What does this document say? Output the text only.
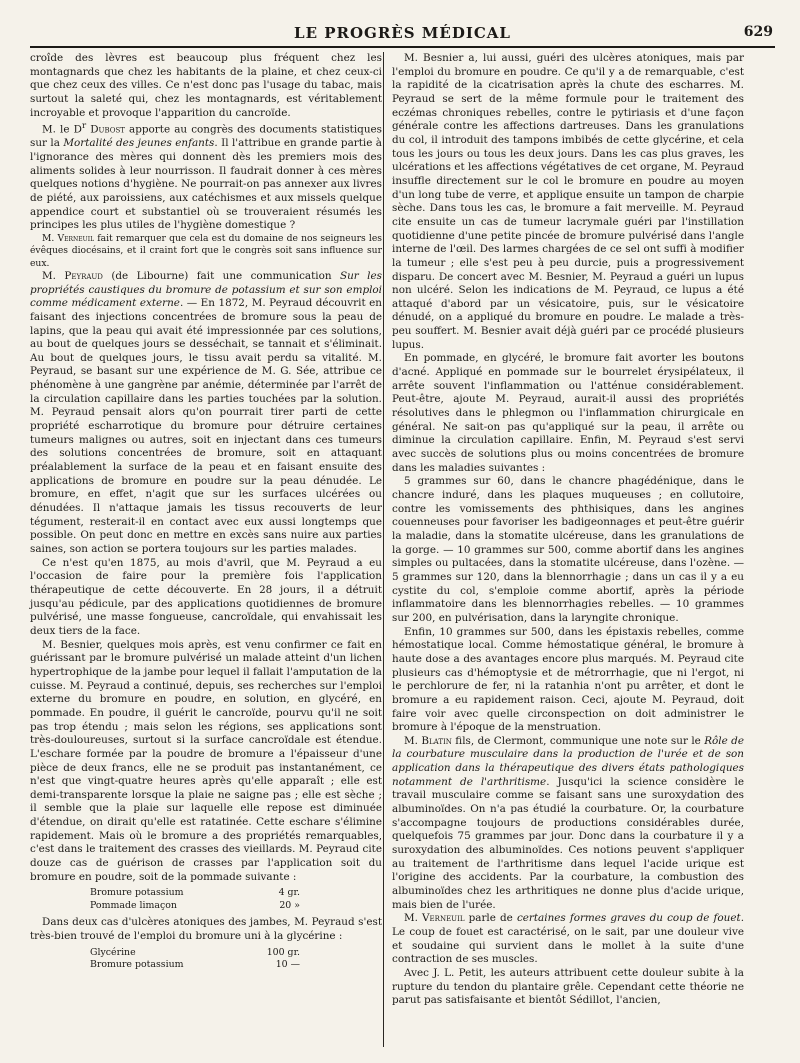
LE PROGRÈS MÉDICAL	629

croîde des lèvres est beaucoup plus fréquent chez les montagnards que chez les habitants de la plaine, et chez ceux-ci que chez ceux des villes. Ce n'est donc pas l'usage du tabac, mais surtout la saleté qui, chez les montagnards, est véritablement incroyable et provoque l'apparition du cancroïde.

M. le $D^r$ Dubost apporte au congrès des documents statistiques sur la Mortalité des jeunes enfants. Il l'attribue en grande partie à l'ignorance des mères qui donnent dès les premiers mois des aliments solides à leur nourrisson. Il faudrait donner à ces mères quelques notions d'hygiène. Ne pourrait-on pas annexer aux livres de piété, aux paroissiens, aux catéchismes et aux missels quelque appendice court et substantiel où se trouveraient résumés les principes les plus utiles de l'hygiène domestique ?

M. Verneuil fait remarquer que cela est du domaine de nos seigneurs les évêques diocésains, et il craint fort que le congrès soit sans influence sur eux.

M. Peyraud (de Libourne) fait une communication Sur les propriétés caustiques du bromure de potassium et sur son emploi comme médicament externe. — En 1872, M. Peyraud découvrit en faisant des injections concentrées de bromure sous la peau de lapins, que la peau qui avait été impressionnée par ces solutions, au bout de quelques jours se desséchait, se tannait et s'éliminait. Au bout de quelques jours, le tissu avait perdu sa vitalité. M. Peyraud, se basant sur une expérience de M. G. Sée, attribue ce phénomène à une gangrène par anémie, déterminée par l'arrêt de la circulation capillaire dans les parties touchées par la solution. M. Peyraud pensait alors qu'on pourrait tirer parti de cette propriété escharrotique du bromure pour détruire certaines tumeurs malignes ou autres, soit en injectant dans ces tumeurs des solutions concentrées de bromure, soit en attaquant préalablement la surface de la peau et en faisant ensuite des applications de bromure en poudre sur la peau dénudée. Le bromure, en effet, n'agit que sur les surfaces ulcérées ou dénudées. Il n'attaque jamais les tissus recouverts de leur tégument, resterait-il en contact avec eux aussi longtemps que possible. On peut donc en mettre en excès sans nuire aux parties saines, son action se portera toujours sur les parties malades.

Ce n'est qu'en 1875, au mois d'avril, que M. Peyraud a eu l'occasion de faire pour la première fois l'application thérapeutique de cette découverte. En 28 jours, il a détruit jusqu'au pédicule, par des applications quotidiennes de bromure pulvérisé, une masse fongueuse, cancroïdale, qui envahissait les deux tiers de la face.

M. Besnier, quelques mois après, est venu confirmer ce fait en guérissant par le bromure pulvérisé un malade atteint d'un lichen hypertrophique de la jambe pour lequel il fallait l'amputation de la cuisse. M. Peyraud a continué, depuis, ses recherches sur l'emploi externe du bromure en poudre, en solution, en glycéré, en pommade. En poudre, il guérit le cancroïde, pourvu qu'il ne soit pas trop étendu ; mais selon les régions, ses applications sont très-douloureuses, surtout si la surface cancroïdale est étendue. L'eschare formée par la poudre de bromure a l'épaisseur d'une pièce de deux francs, elle ne se produit pas instantanément, ce n'est que vingt-quatre heures après qu'elle apparaît ; elle est demi-transparente lorsque la plaie ne saigne pas ; elle est sèche ; il semble que la plaie sur laquelle elle repose est diminuée d'étendue, on dirait qu'elle est ratatinée. Cette eschare s'élimine rapidement. Mais où le bromure a des propriétés remarquables, c'est dans le traitement des crasses des vieillards. M. Peyraud cite douze cas de guérison de crasses par l'application soit du bromure en poudre, soit de la pommade suivante :

Bromure potassium	4 gr.
Pommade limaçon	20 »

Dans deux cas d'ulcères atoniques des jambes, M. Peyraud s'est très-bien trouvé de l'emploi du bromure uni à la glycérine :

Glycérine	100 gr.
Bromure potassium	10 —

M. Besnier a, lui aussi, guéri des ulcères atoniques, mais par l'emploi du bromure en poudre. Ce qu'il y a de remarquable, c'est la rapidité de la cicatrisation après la chute des escharres. M. Peyraud se sert de la même formule pour le traitement des eczémas chroniques rebelles, contre le pytiriasis et d'une façon générale contre les affections dartreuses. Dans les granulations du col, il introduit des tampons imbibés de cette glycérine, et cela tous les jours ou tous les deux jours. Dans les cas plus graves, les ulcérations et les affections végétatives de cet organe, M. Peyraud insuffle directement sur le col le bromure en poudre au moyen d'un long tube de verre, et applique ensuite un tampon de charpie sèche. Dans tous les cas, le bromure a fait merveille. M. Peyraud cite ensuite un cas de tumeur lacrymale guéri par l'instillation quotidienne d'une petite pincée de bromure pulvérisé dans l'angle interne de l'œil. Des larmes chargées de ce sel ont suffi à modifier la tumeur ; elle s'est peu à peu durcie, puis a progressivement disparu. De concert avec M. Besnier, M. Peyraud a guéri un lupus non ulcéré. Selon les indications de M. Peyraud, ce lupus a été attaqué d'abord par un vésicatoire, puis, sur le vésicatoire dénudé, on a appliqué du bromure en poudre. Le malade a très-peu souffert. M. Besnier avait déjà guéri par ce procédé plusieurs lupus.

En pommade, en glycéré, le bromure fait avorter les boutons d'acné. Appliqué en pommade sur le bourrelet érysipélateux, il arrête souvent l'inflammation ou l'atténue considérablement. Peut-être, ajoute M. Peyraud, aurait-il aussi des propriétés résolutives dans le phlegmon ou l'inflammation chirurgicale en général. Ne sait-on pas qu'appliqué sur la peau, il arrête ou diminue la circulation capillaire. Enfin, M. Peyraud s'est servi avec succès de solutions plus ou moins concentrées de bromure dans les maladies suivantes :

5 grammes sur 60, dans le chancre phagédénique, dans le chancre induré, dans les plaques muqueuses ; en collutoire, contre les vomissements des phthisiques, dans les angines couenneuses pour favoriser les badigeonnages et peut-être guérir la maladie, dans la stomatite ulcéreuse, dans les granulations de la gorge. — 10 grammes sur 500, comme abortif dans les angines simples ou pultacées, dans la stomatite ulcéreuse, dans l'ozène. — 5 grammes sur 120, dans la blennorrhagie ; dans un cas il y a eu cystite du col, s'emploie comme abortif, après la période inflammatoire dans les blennorrhagies rebelles. — 10 grammes sur 200, en pulvérisation, dans la laryngite chronique.

Enfin, 10 grammes sur 500, dans les épistaxis rebelles, comme hémostatique local. Comme hémostatique général, le bromure à haute dose a des avantages encore plus marqués. M. Peyraud cite plusieurs cas d'hémoptysie et de métrorrhagie, que ni l'ergot, ni le perchlorure de fer, ni la ratanhia n'ont pu arrêter, et dont le bromure a eu rapidement raison. Ceci, ajoute M. Peyraud, doit faire voir avec quelle circonspection on doit administrer le bromure à l'époque de la menstruation.

M. Blatin fils, de Clermont, communique une note sur le Rôle de la courbature musculaire dans la production de l'urée et de son application dans la thérapeutique des divers états pathologiques notamment de l'arthritisme. Jusqu'ici la science considère le travail musculaire comme se faisant sans une suroxydation des albuminoïdes. On n'a pas étudié la courbature. Or, la courbature s'accompagne toujours de productions considérables durée, quelquefois 75 grammes par jour. Donc dans la courbature il y a suroxydation des albuminoïdes. Ces notions peuvent s'appliquer au traitement de l'arthritisme dans lequel l'acide urique est l'origine des accidents. Par la courbature, la combustion des albuminoïdes chez les arthritiques ne donne plus d'acide urique, mais bien de l'urée.

M. Verneuil parle de certaines formes graves du coup de fouet. Le coup de fouet est caractérisé, on le sait, par une douleur vive et soudaine qui survient dans le mollet à la suite d'une contraction de ses muscles.

Avec J. L. Petit, les auteurs attribuent cette douleur subite à la rupture du tendon du plantaire grêle. Cependant cette théorie ne parut pas satisfaisante et bientôt Sédillot, l'ancien,
